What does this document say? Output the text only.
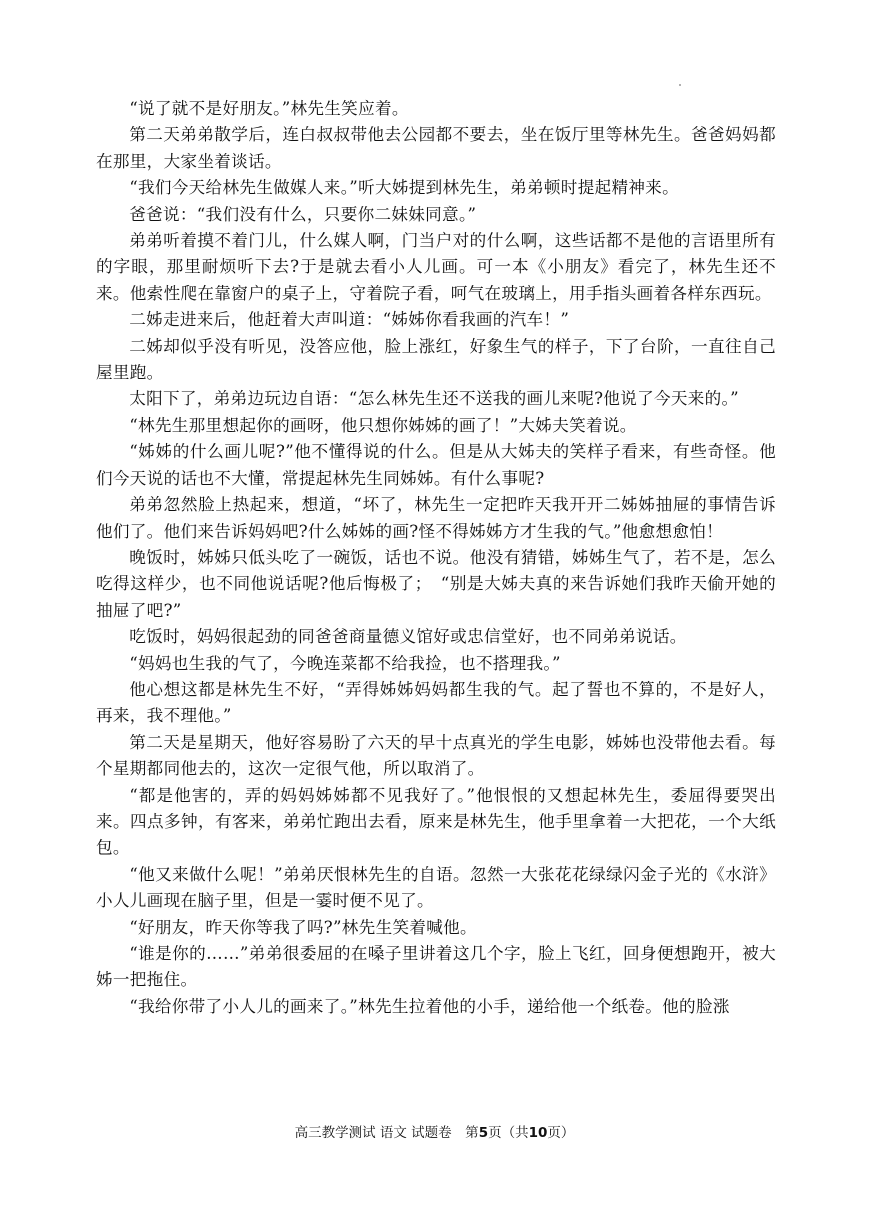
“说了就不是好朋友。”林先生笑应着。

第二天弟弟散学后，连白叔叔带他去公园都不要去，坐在饭厅里等林先生。爸爸妈妈都在那里，大家坐着谈话。

“我们今天给林先生做媒人来。”听大姊提到林先生，弟弟顿时提起精神来。

爸爸说：“我们没有什么，只要你二妹妹同意。”

弟弟听着摸不着门儿，什么媒人啊，门当户对的什么啊，这些话都不是他的言语里所有的字眼，那里耐烦听下去?于是就去看小人儿画。可一本《小朋友》看完了，林先生还不来。他索性爬在靠窗户的桌子上，守着院子看，呵气在玻璃上，用手指头画着各样东西玩。

二姊走进来后，他赶着大声叫道：“姊姊你看我画的汽车！”

二姊却似乎没有听见，没答应他，脸上涨红，好象生气的样子，下了台阶，一直往自己屋里跑。

太阳下了，弟弟边玩边自语：“怎么林先生还不送我的画儿来呢?他说了今天来的。”

“林先生那里想起你的画呀，他只想你姊姊的画了！”大姊夫笑着说。

“姊姊的什么画儿呢?”他不懂得说的什么。但是从大姊夫的笑样子看来，有些奇怪。他们今天说的话也不大懂，常提起林先生同姊姊。有什么事呢?

弟弟忽然脸上热起来，想道，“坏了，林先生一定把昨天我开开二姊姊抽屉的事情告诉他们了。他们来告诉妈妈吧?什么姊姊的画?怪不得姊姊方才生我的气。”他愈想愈怕！

晚饭时，姊姊只低头吃了一碗饭，话也不说。他没有猜错，姊姊生气了，若不是，怎么吃得这样少，也不同他说话呢?他后悔极了；　“别是大姊夫真的来告诉她们我昨天偷开她的抽屉了吧?”

吃饭时，妈妈很起劲的同爸爸商量德义馆好或忠信堂好，也不同弟弟说话。

“妈妈也生我的气了，今晚连菜都不给我捡，也不搭理我。”

他心想这都是林先生不好，“弄得姊姊妈妈都生我的气。起了誓也不算的，不是好人，再来，我不理他。”

第二天是星期天，他好容易盼了六天的早十点真光的学生电影，姊姊也没带他去看。每个星期都同他去的，这次一定很气他，所以取消了。

“都是他害的，弄的妈妈姊姊都不见我好了。”他恨恨的又想起林先生，委屈得要哭出来。四点多钟，有客来，弟弟忙跑出去看，原来是林先生，他手里拿着一大把花，一个大纸包。

“他又来做什么呢！”弟弟厌恨林先生的自语。忽然一大张花花绿绿闪金子光的《水浒》小人儿画现在脑子里，但是一霎时便不见了。

“好朋友，昨天你等我了吗?”林先生笑着喊他。

“谁是你的……”弟弟很委屈的在嗓子里讲着这几个字，脸上飞红，回身便想跑开，被大姊一把拖住。

“我给你带了小人儿的画来了。”林先生拉着他的小手，递给他一个纸卷。他的脸涨

高三教学测试 语文 试题卷　第5页（共10页）
